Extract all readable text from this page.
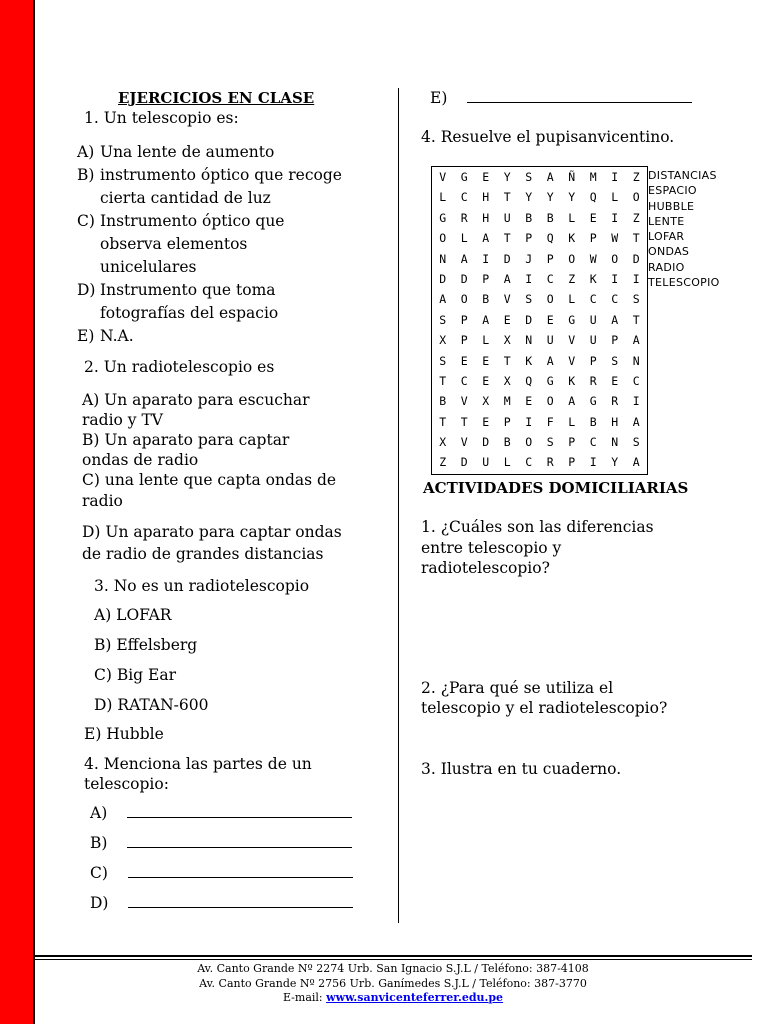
EJERCICIOS EN CLASE
1. Un telescopio es:
A) Una lente de aumento
B) instrumento óptico que recoge
cierta cantidad de luz
C) Instrumento óptico que
observa elementos
unicelulares
D) Instrumento que toma
fotografías del espacio
E) N.A.
2. Un radiotelescopio es
A) Un aparato para escuchar
radio y TV
B) Un aparato para captar
ondas de radio
C) una lente que capta ondas de
radio
D) Un aparato para captar ondas
de radio de grandes distancias
3. No es un radiotelescopio
A) LOFAR
B) Effelsberg
C) Big Ear
D) RATAN-600
E) Hubble
4. Menciona las partes de un
telescopio:
A)
B)
C)
D)
E)
4. Resuelve el pupisanvicentino.
V	G	E	Y	S	A	Ñ	M	I	Z
L	C	H	T	Y	Y	Y	Q	L	O
G	R	H	U	B	B	L	E	I	Z
O	L	A	T	P	Q	K	P	W	T
N	A	I	D	J	P	O	W	O	D
D	D	P	A	I	C	Z	K	I	I
A	O	B	V	S	O	L	C	C	S
S	P	A	E	D	E	G	U	A	T
X	P	L	X	N	U	V	U	P	A
S	E	E	T	K	A	V	P	S	N
T	C	E	X	Q	G	K	R	E	C
B	V	X	M	E	O	A	G	R	I
T	T	E	P	I	F	L	B	H	A
X	V	D	B	O	S	P	C	N	S
Z	D	U	L	C	R	P	I	Y	A
DISTANCIAS
ESPACIO
HUBBLE
LENTE
LOFAR
ONDAS
RADIO
TELESCOPIO
ACTIVIDADES DOMICILIARIAS
1. ¿Cuáles son las diferencias
entre telescopio y
radiotelescopio?
2. ¿Para qué se utiliza el
telescopio y el radiotelescopio?
3. Ilustra en tu cuaderno.
Av. Canto Grande Nº 2274 Urb. San Ignacio S.J.L / Teléfono: 387-4108
Av. Canto Grande Nº 2756 Urb. Ganímedes S.J.L / Teléfono: 387-3770
E-mail: www.sanvicenteferrer.edu.pe
